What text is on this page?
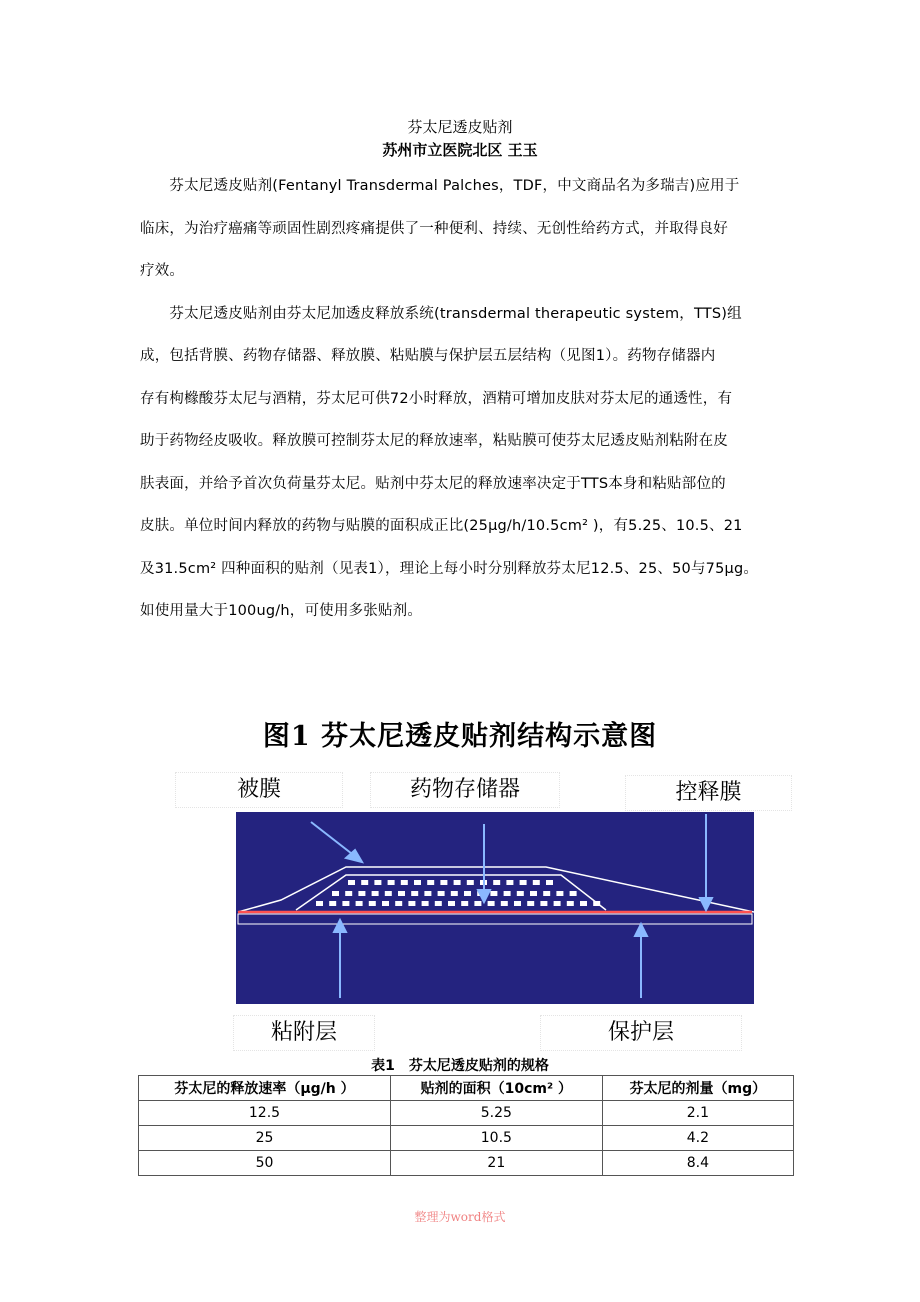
芬太尼透皮贴剂
苏州市立医院北区 王玉
　　芬太尼透皮贴剂(Fentanyl Transdermal Palches，TDF，中文商品名为多瑞吉)应用于
临床，为治疗癌痛等顽固性剧烈疼痛提供了一种便利、持续、无创性给药方式，并取得良好
疗效。
　　芬太尼透皮贴剂由芬太尼加透皮释放系统(transdermal therapeutic system，TTS)组
成，包括背膜、药物存储器、释放膜、粘贴膜与保护层五层结构（见图1）。药物存储器内
存有枸橼酸芬太尼与酒精，芬太尼可供72小时释放，酒精可增加皮肤对芬太尼的通透性，有
助于药物经皮吸收。释放膜可控制芬太尼的释放速率，粘贴膜可使芬太尼透皮贴剂粘附在皮
肤表面，并给予首次负荷量芬太尼。贴剂中芬太尼的释放速率决定于TTS本身和粘贴部位的
皮肤。单位时间内释放的药物与贴膜的面积成正比(25μg/h/10.5cm² )，有5.25、10.5、21
及31.5cm² 四种面积的贴剂（见表1），理论上每小时分别释放芬太尼12.5、25、50与75μg。
如使用量大于100ug/h，可使用多张贴剂。
图1 芬太尼透皮贴剂结构示意图
被膜	药物存储器	控释膜
粘附层	保护层
表1　芬太尼透皮贴剂的规格
芬太尼的释放速率（μg/h ）	贴剂的面积（10cm² ）	芬太尼的剂量（mg）
12.5	5.25	2.1
25	10.5	4.2
50	21	8.4
整理为word格式
